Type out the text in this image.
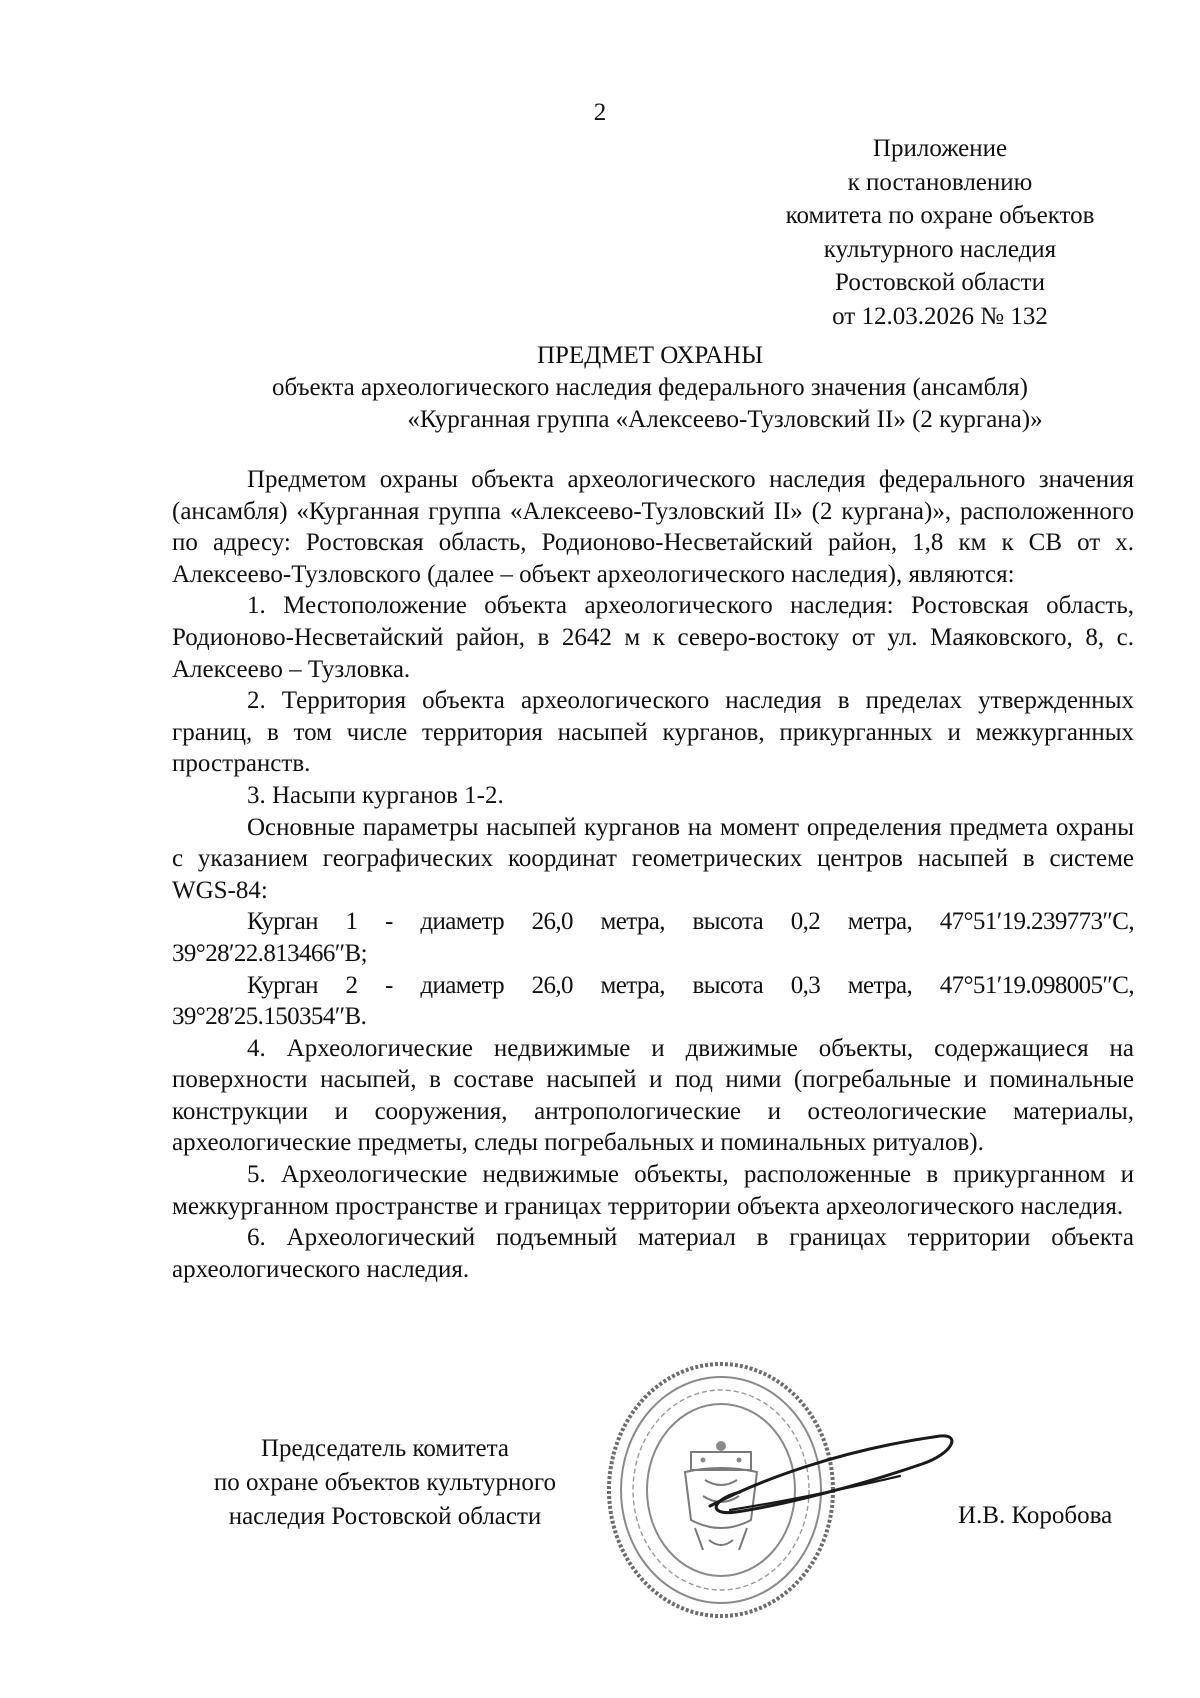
2
Приложение
к постановлению
комитета по охране объектов
культурного наследия
Ростовской области
от 12.03.2026 № 132
ПРЕДМЕТ ОХРАНЫ
объекта археологического наследия федерального значения (ансамбля)
«Курганная группа «Алексеево-Тузловский II» (2 кургана)»

Предметом охраны объекта археологического наследия федерального значения (ансамбля) «Курганная группа «Алексеево-Тузловский II» (2 кургана)», расположенного по адресу: Ростовская область, Родионово-Несветайский район, 1,8 км к СВ от х. Алексеево-Тузловского (далее – объект археологического наследия), являются:

1. Местоположение объекта археологического наследия: Ростовская область, Родионово-Несветайский район, в 2642 м к северо-востоку от ул. Маяковского, 8, с. Алексеево – Тузловка.

2. Территория объекта археологического наследия в пределах утвержденных границ, в том числе территория насыпей курганов, прикурганных и межкурганных пространств.

3. Насыпи курганов 1-2.

Основные параметры насыпей курганов на момент определения предмета охраны с указанием географических координат геометрических центров насыпей в системе WGS-84:

Курган 1 - диаметр 26,0 метра, высота 0,2 метра, 47°51′19.239773″С, 39°28′22.813466″В;

Курган 2 - диаметр 26,0 метра, высота 0,3 метра, 47°51′19.098005″С, 39°28′25.150354″В.

4. Археологические недвижимые и движимые объекты, содержащиеся на поверхности насыпей, в составе насыпей и под ними (погребальные и поминальные конструкции и сооружения, антропологические и остеологические материалы, археологические предметы, следы погребальных и поминальных ритуалов).

5. Археологические недвижимые объекты, расположенные в прикурганном и межкурганном пространстве и границах территории объекта археологического наследия.

6. Археологический подъемный материал в границах территории объекта археологического наследия.

Председатель комитета
по охране объектов культурного
наследия Ростовской области	И.В. Коробова
